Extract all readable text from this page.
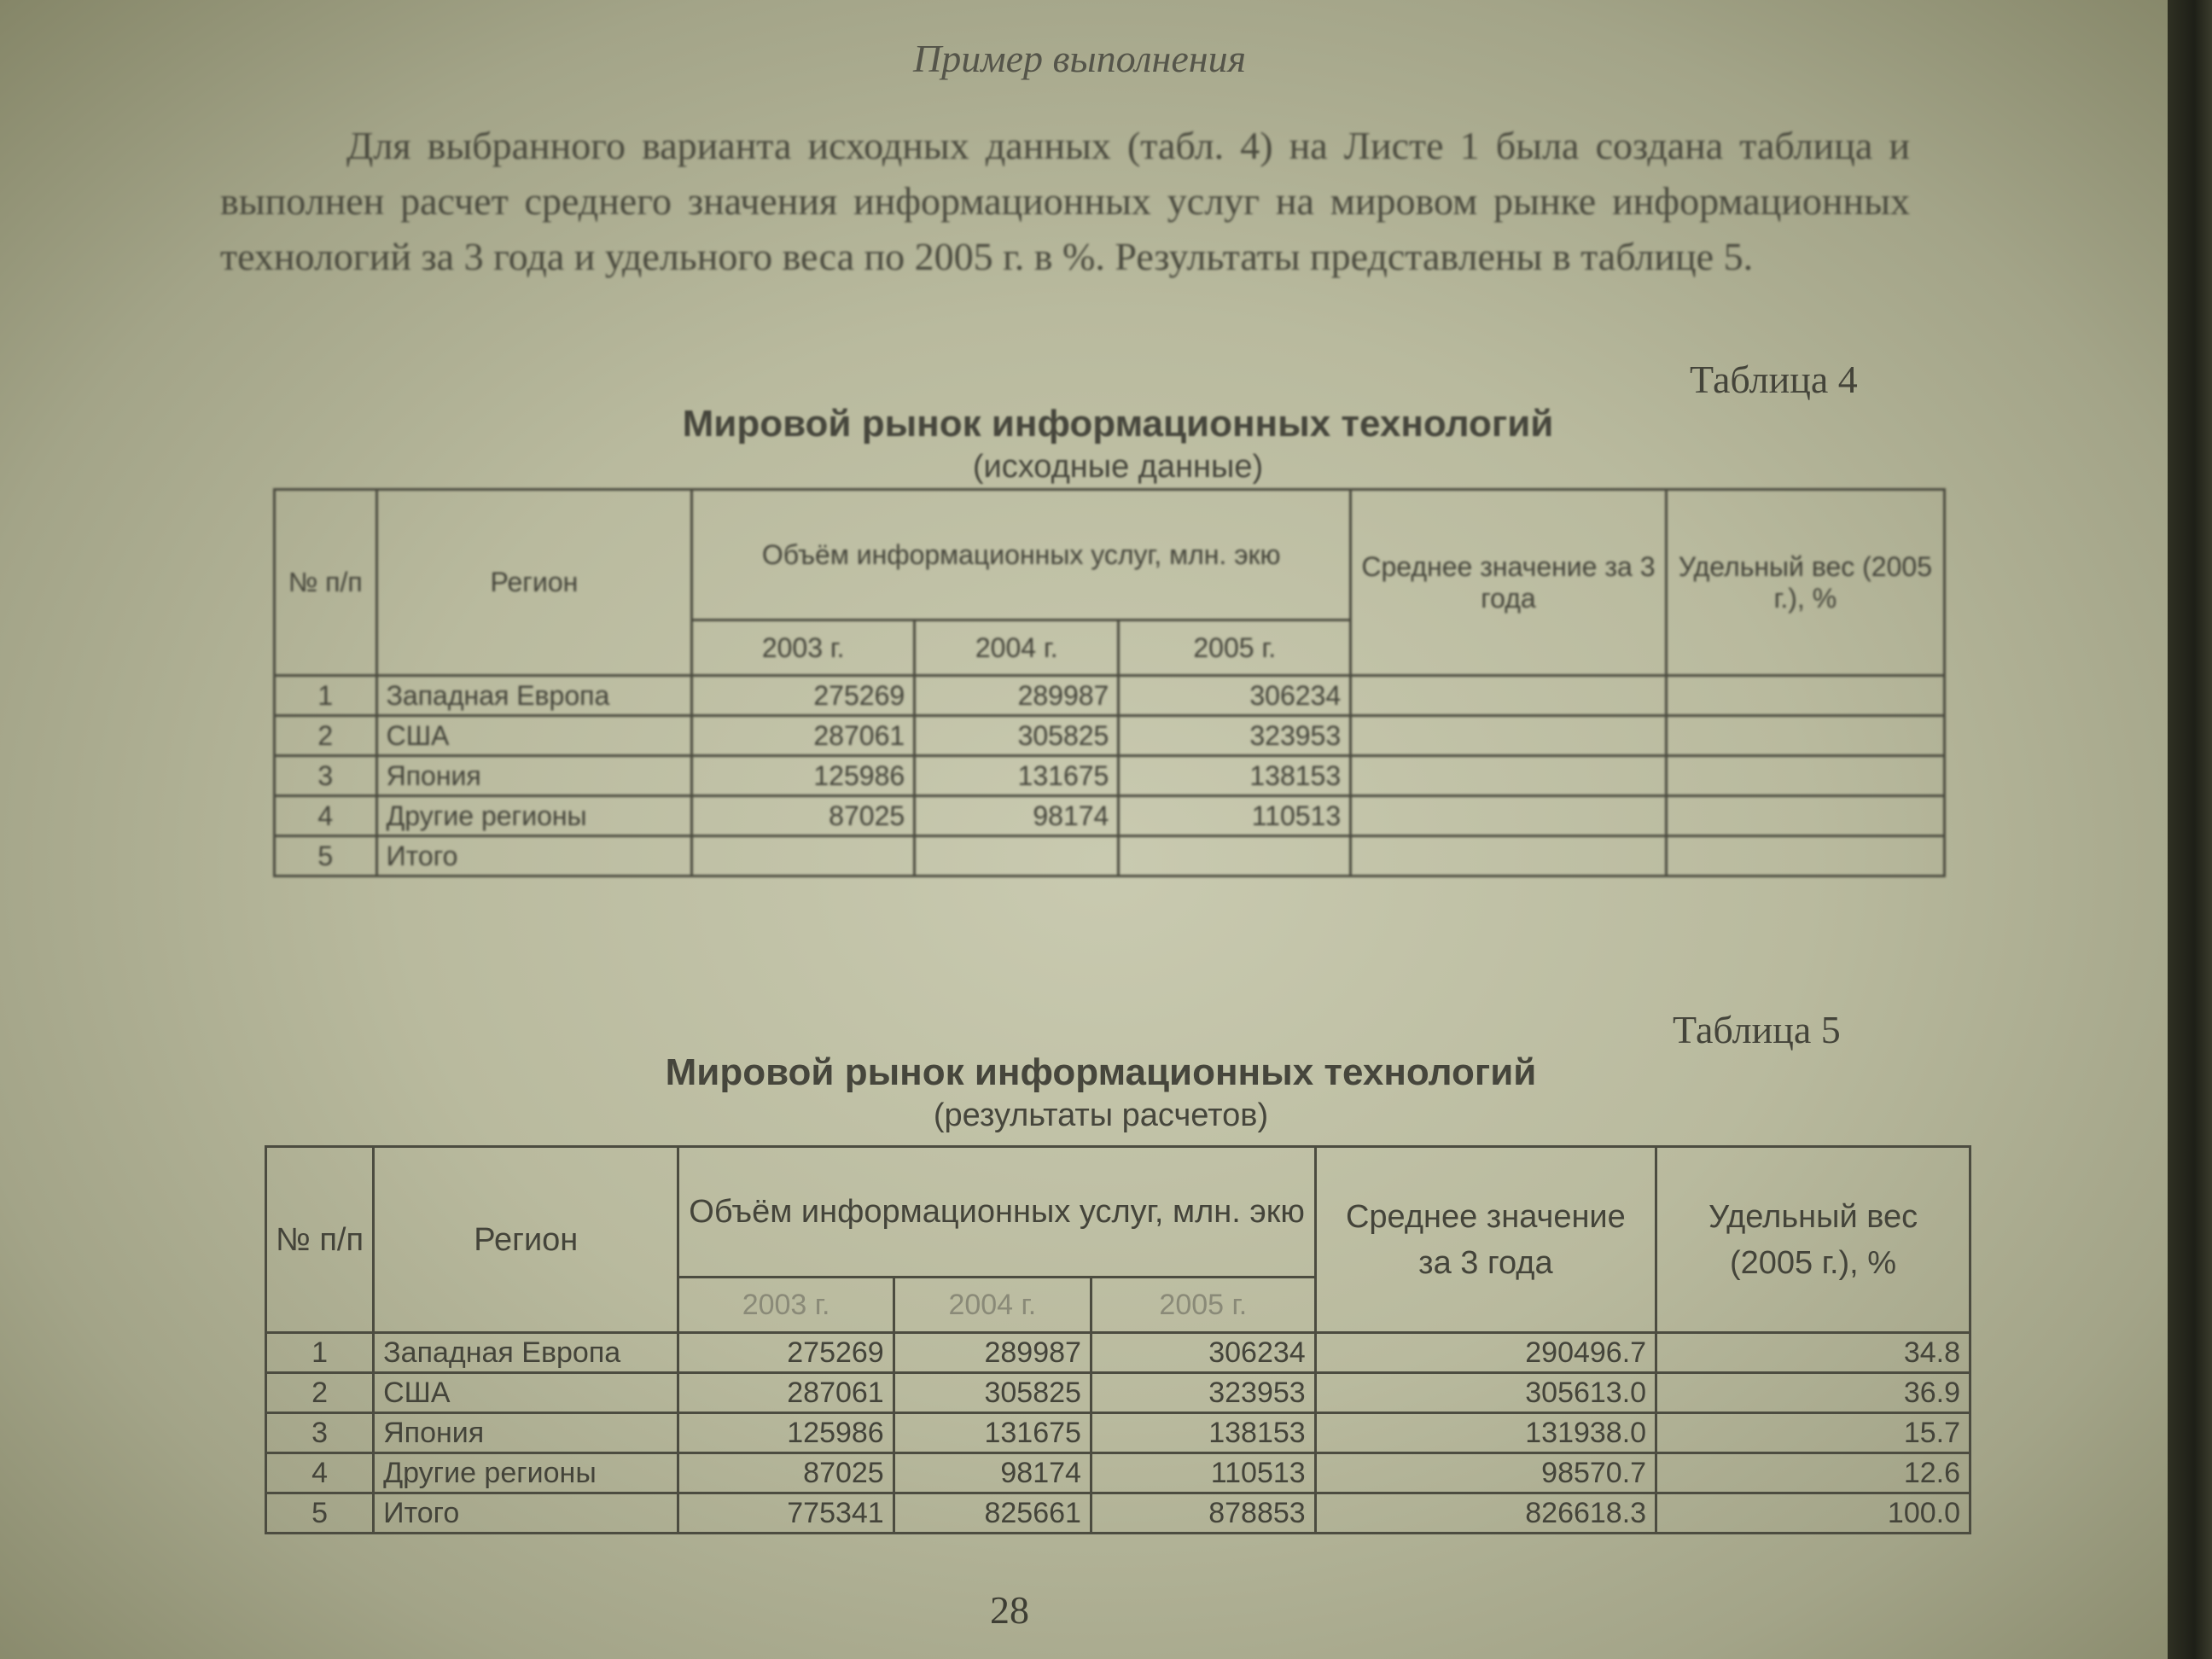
Пример выполнения
Для выбранного варианта исходных данных (табл. 4) на Листе 1 была создана таблица и выполнен расчет среднего значения информационных услуг на мировом рынке информационных технологий за 3 года и удельного веса по 2005 г. в %. Результаты представлены в таблице 5.
Таблица 4
Мировой рынок информационных технологий
(исходные данные)
№ п/п	Регион	Объём информационных услуг, млн. экю			Среднее значение за 3 года	Удельный вес (2005 г.), %
		2003 г.	2004 г.	2005 г.		
1	Западная Европа	275269	289987	306234		
2	США	287061	305825	323953		
3	Япония	125986	131675	138153		
4	Другие регионы	87025	98174	110513		
5	Итого					
Таблица 5
Мировой рынок информационных технологий
(результаты расчетов)
№ п/п	Регион	Объём информационных услуг, млн. экю			Среднее значение за 3 года	Удельный вес (2005 г.), %
		2003 г.	2004 г.	2005 г.		
1	Западная Европа	275269	289987	306234	290496.7	34.8
2	США	287061	305825	323953	305613.0	36.9
3	Япония	125986	131675	138153	131938.0	15.7
4	Другие регионы	87025	98174	110513	98570.7	12.6
5	Итого	775341	825661	878853	826618.3	100.0
28
